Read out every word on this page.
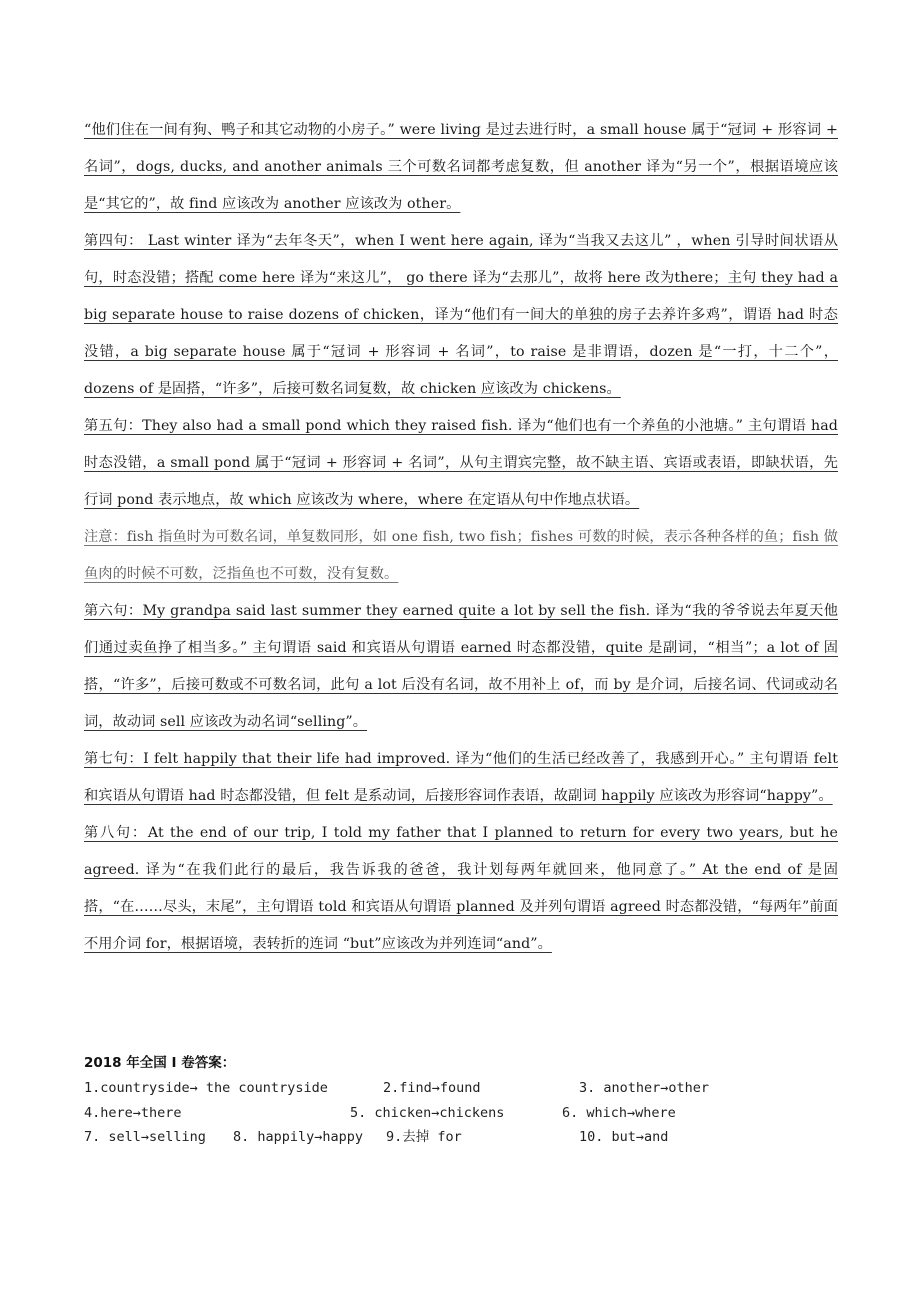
“他们住在一间有狗、鸭子和其它动物的小房子。” were living 是过去进行时，a small house 属于“冠词 + 形容词 + 名词”，dogs, ducks, and another animals 三个可数名词都考虑复数，但 another 译为“另一个”，根据语境应该是“其它的”，故 find 应该改为 another 应该改为 other。

第四句： Last winter 译为“去年冬天”，when I went here again, 译为“当我又去这儿” ，when 引导时间状语从句，时态没错；搭配 come here 译为“来这儿”， go there 译为“去那儿”，故将 here 改为there；主句 they had a big separate house to raise dozens of chicken，译为“他们有一间大的单独的房子去养许多鸡”，谓语 had 时态没错，a big separate house 属于“冠词 + 形容词 + 名词”，to raise 是非谓语，dozen 是“一打，十二个”，dozens of 是固搭，“许多”，后接可数名词复数，故 chicken 应该改为 chickens。

第五句：They also had a small pond which they raised fish. 译为“他们也有一个养鱼的小池塘。” 主句谓语 had 时态没错，a small pond 属于“冠词 + 形容词 + 名词”，从句主谓宾完整，故不缺主语、宾语或表语，即缺状语，先行词 pond 表示地点，故 which 应该改为 where，where 在定语从句中作地点状语。

注意：fish 指鱼时为可数名词，单复数同形，如 one fish, two fish；fishes 可数的时候，表示各种各样的鱼；fish 做鱼肉的时候不可数，泛指鱼也不可数，没有复数。

第六句：My grandpa said last summer they earned quite a lot by sell the fish. 译为“我的爷爷说去年夏天他们通过卖鱼挣了相当多。” 主句谓语 said 和宾语从句谓语 earned 时态都没错，quite 是副词，“相当”；a lot of 固搭，“许多”，后接可数或不可数名词，此句 a lot 后没有名词，故不用补上 of，而 by 是介词，后接名词、代词或动名词，故动词 sell 应该改为动名词“selling”。

第七句：I felt happily that their life had improved. 译为“他们的生活已经改善了，我感到开心。” 主句谓语 felt 和宾语从句谓语 had 时态都没错，但 felt 是系动词，后接形容词作表语，故副词 happily 应该改为形容词“happy”。

第八句：At the end of our trip, I told my father that I planned to return for every two years, but he agreed. 译为“在我们此行的最后，我告诉我的爸爸，我计划每两年就回来，他同意了。” At the end of 是固搭，“在……尽头，末尾”，主句谓语 told 和宾语从句谓语 planned 及并列句谓语 agreed 时态都没错，“每两年”前面不用介词 for，根据语境，表转折的连词 “but”应该改为并列连词“and”。

2018 年全国 I 卷答案：

1.countryside→ the countryside	2.find→found	3. another→other
4.here→there	5. chicken→chickens	6. which→where
7. sell→selling 8. happily→happy 9.去掉 for	10. but→and
